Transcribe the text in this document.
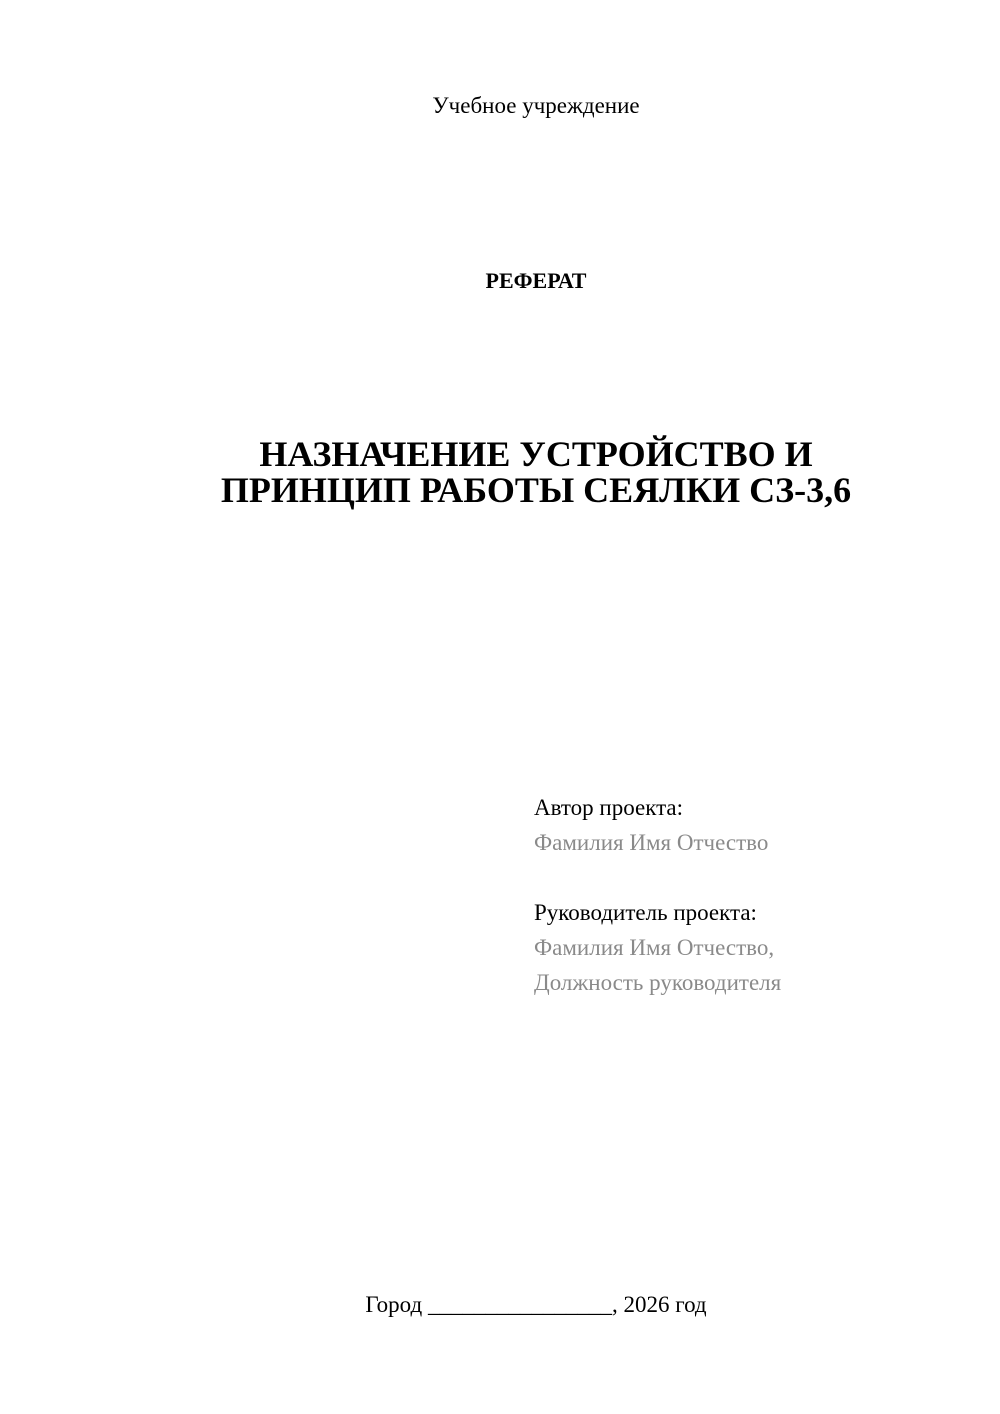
Учебное учреждение
РЕФЕРАТ
НАЗНАЧЕНИЕ УСТРОЙСТВО И
ПРИНЦИП РАБОТЫ СЕЯЛКИ СЗ-3,6
Автор проекта:
Фамилия Имя Отчество
Руководитель проекта:
Фамилия Имя Отчество,
Должность руководителя
Город ________________, 2026 год
